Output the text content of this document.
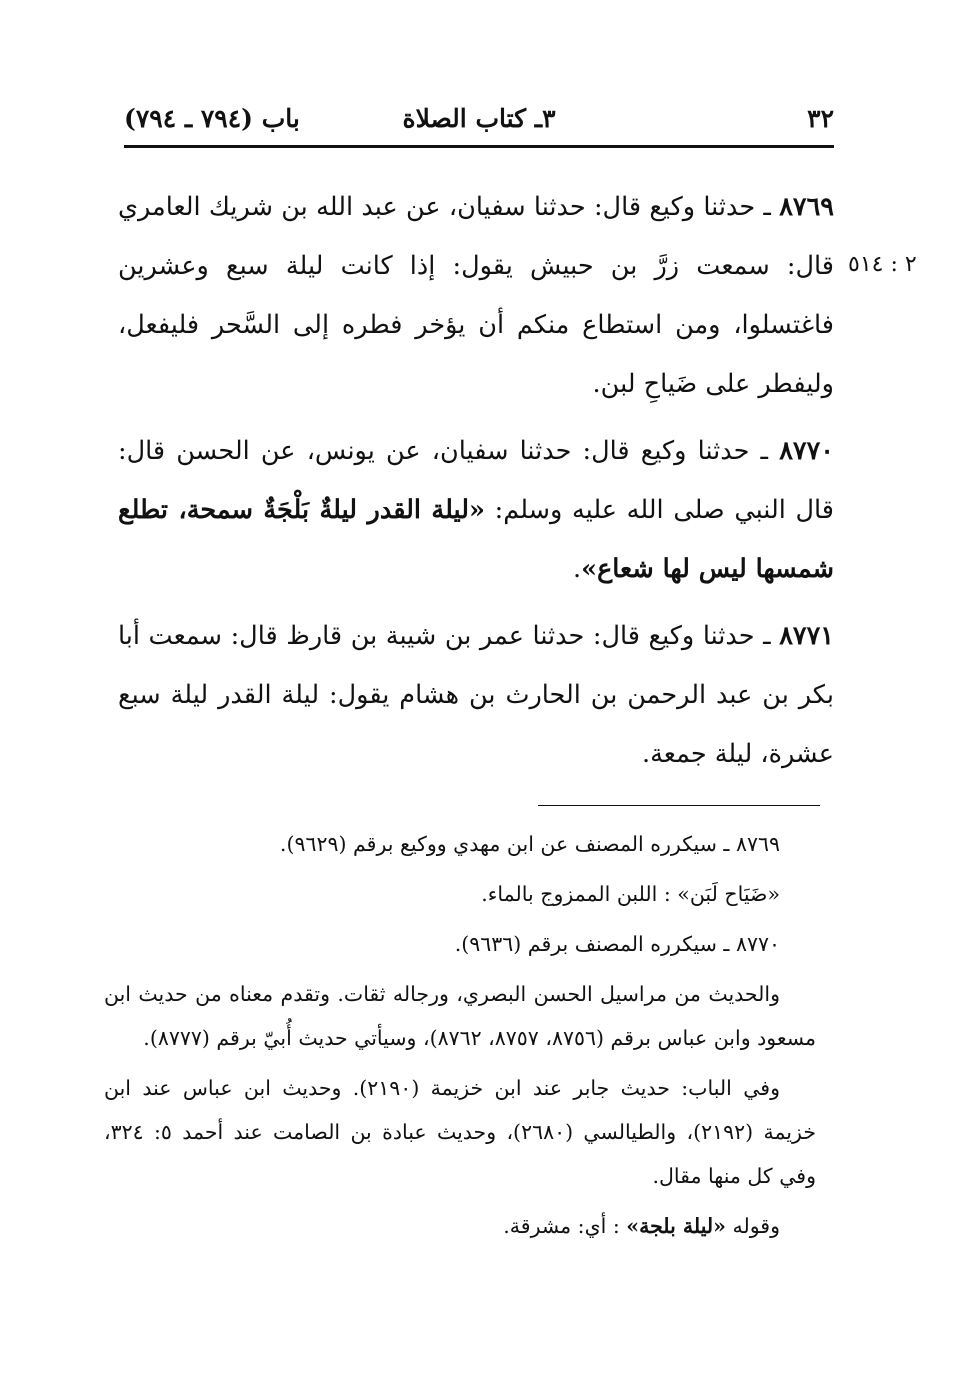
٣٢
٣ـ كتاب الصلاة
باب (٧٩٤ ـ ٧٩٤)
٢ : ٥١٤

٨٧٦٩ ـ حدثنا وكيع قال: حدثنا سفيان، عن عبد الله بن شريك العامري قال: سمعت زرَّ بن حبيش يقول: إذا كانت ليلة سبع وعشرين فاغتسلوا، ومن استطاع منكم أن يؤخر فطره إلى السَّحر فليفعل، وليفطر على ضَياحِ لبن.

٨٧٧٠ ـ حدثنا وكيع قال: حدثنا سفيان، عن يونس، عن الحسن قال: قال النبي صلى الله عليه وسلم: «ليلة القدر ليلةٌ بَلْجَةٌ سمحة، تطلع شمسها ليس لها شعاع».

٨٧٧١ ـ حدثنا وكيع قال: حدثنا عمر بن شيبة بن قارظ قال: سمعت أبا بكر بن عبد الرحمن بن الحارث بن هشام يقول: ليلة القدر ليلة سبع عشرة، ليلة جمعة.

٨٧٦٩ ـ سيكرره المصنف عن ابن مهدي ووكيع برقم (٩٦٢٩).

«ضَيَاح لَبَن» : اللبن الممزوج بالماء.

٨٧٧٠ ـ سيكرره المصنف برقم (٩٦٣٦).

والحديث من مراسيل الحسن البصري، ورجاله ثقات. وتقدم معناه من حديث ابن مسعود وابن عباس برقم (٨٧٥٦، ٨٧٥٧، ٨٧٦٢)، وسيأتي حديث أُبيّ برقم (٨٧٧٧).

وفي الباب: حديث جابر عند ابن خزيمة (٢١٩٠). وحديث ابن عباس عند ابن خزيمة (٢١٩٢)، والطيالسي (٢٦٨٠)، وحديث عبادة بن الصامت عند أحمد ٥: ٣٢٤، وفي كل منها مقال.

وقوله «ليلة بلجة» : أي: مشرقة.
